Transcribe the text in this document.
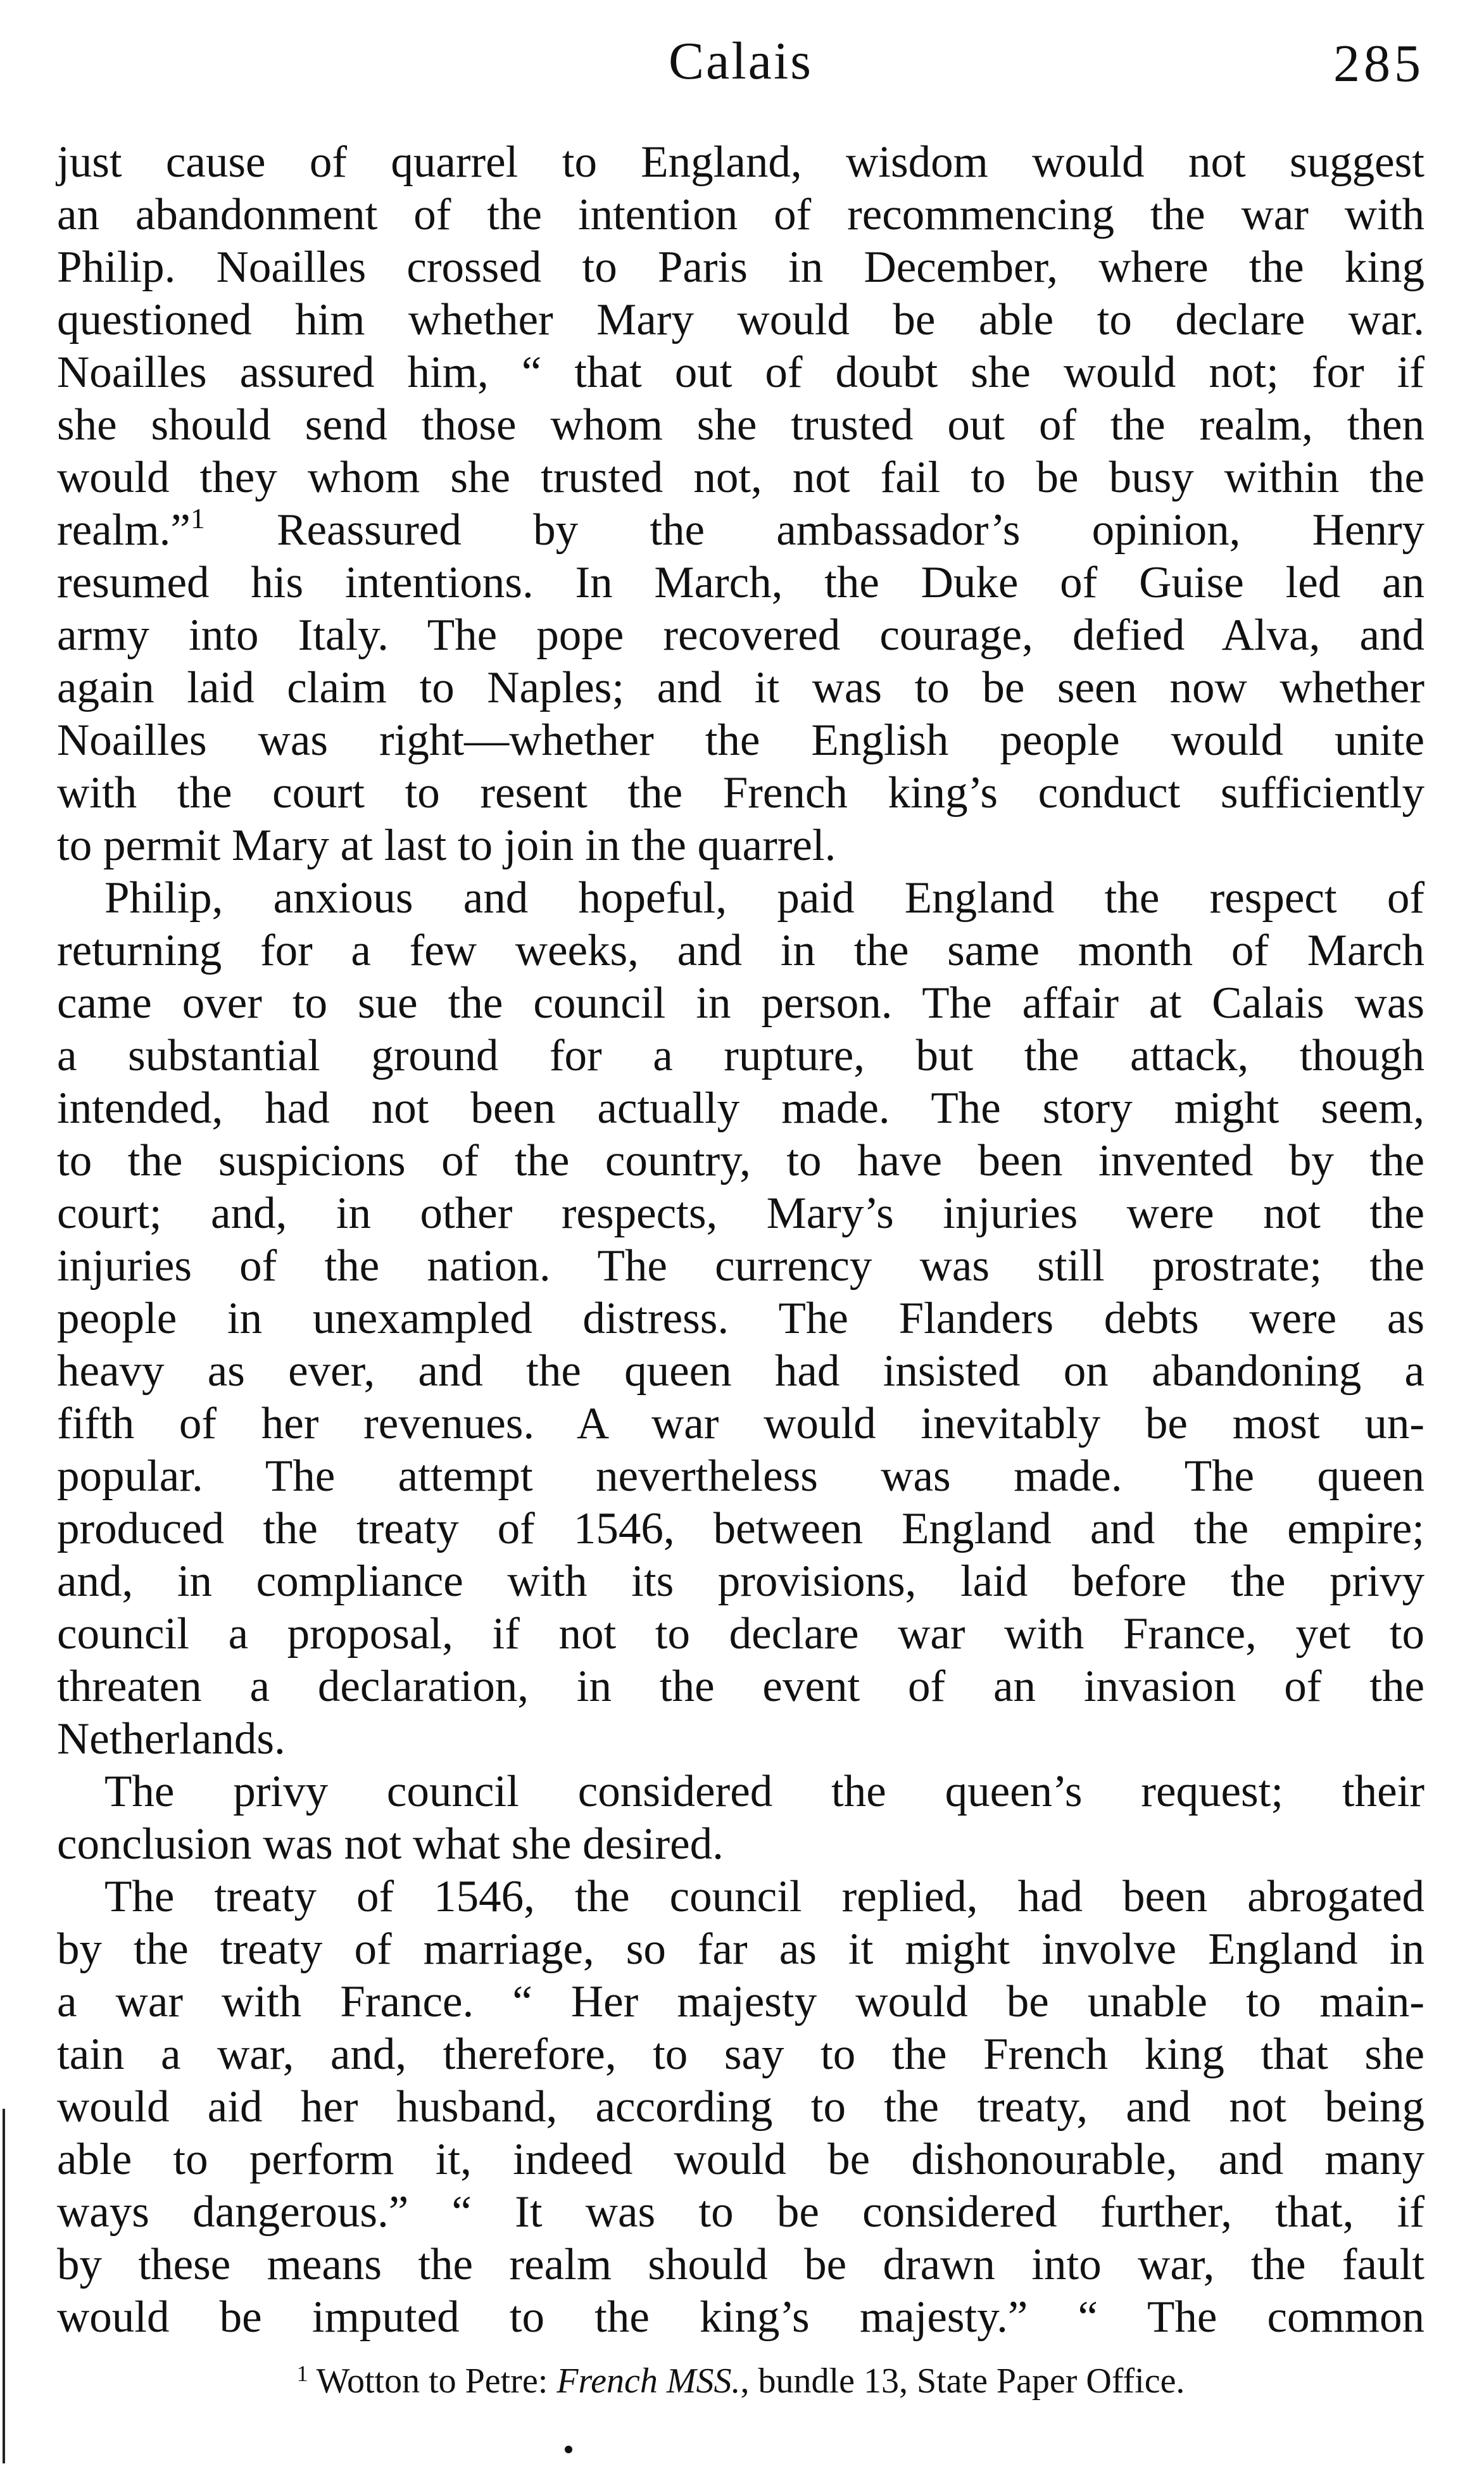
Calais	285
just cause of quarrel to England, wisdom would not suggest
an abandonment of the intention of recommencing the war with
Philip. Noailles crossed to Paris in December, where the king
questioned him whether Mary would be able to declare war.
Noailles assured him, “ that out of doubt she would not; for if
she should send those whom she trusted out of the realm, then
would they whom she trusted not, not fail to be busy within the
realm.”$^1$ Reassured by the ambassador’s opinion, Henry
resumed his intentions. In March, the Duke of Guise led an
army into Italy. The pope recovered courage, defied Alva, and
again laid claim to Naples; and it was to be seen now whether
Noailles was right—whether the English people would unite
with the court to resent the French king’s conduct sufficiently
to permit Mary at last to join in the quarrel.
Philip, anxious and hopeful, paid England the respect of
returning for a few weeks, and in the same month of March
came over to sue the council in person. The affair at Calais was
a substantial ground for a rupture, but the attack, though
intended, had not been actually made. The story might seem,
to the suspicions of the country, to have been invented by the
court; and, in other respects, Mary’s injuries were not the
injuries of the nation. The currency was still prostrate; the
people in unexampled distress. The Flanders debts were as
heavy as ever, and the queen had insisted on abandoning a
fifth of her revenues. A war would inevitably be most un-
popular. The attempt nevertheless was made. The queen
produced the treaty of 1546, between England and the empire;
and, in compliance with its provisions, laid before the privy
council a proposal, if not to declare war with France, yet to
threaten a declaration, in the event of an invasion of the
Netherlands.
The privy council considered the queen’s request; their
conclusion was not what she desired.
The treaty of 1546, the council replied, had been abrogated
by the treaty of marriage, so far as it might involve England in
a war with France. “ Her majesty would be unable to main-
tain a war, and, therefore, to say to the French king that she
would aid her husband, according to the treaty, and not being
able to perform it, indeed would be dishonourable, and many
ways dangerous.” “ It was to be considered further, that, if
by these means the realm should be drawn into war, the fault
would be imputed to the king’s majesty.” “ The common
$^1$ Wotton to Petre: French MSS., bundle 13, State Paper Office.
